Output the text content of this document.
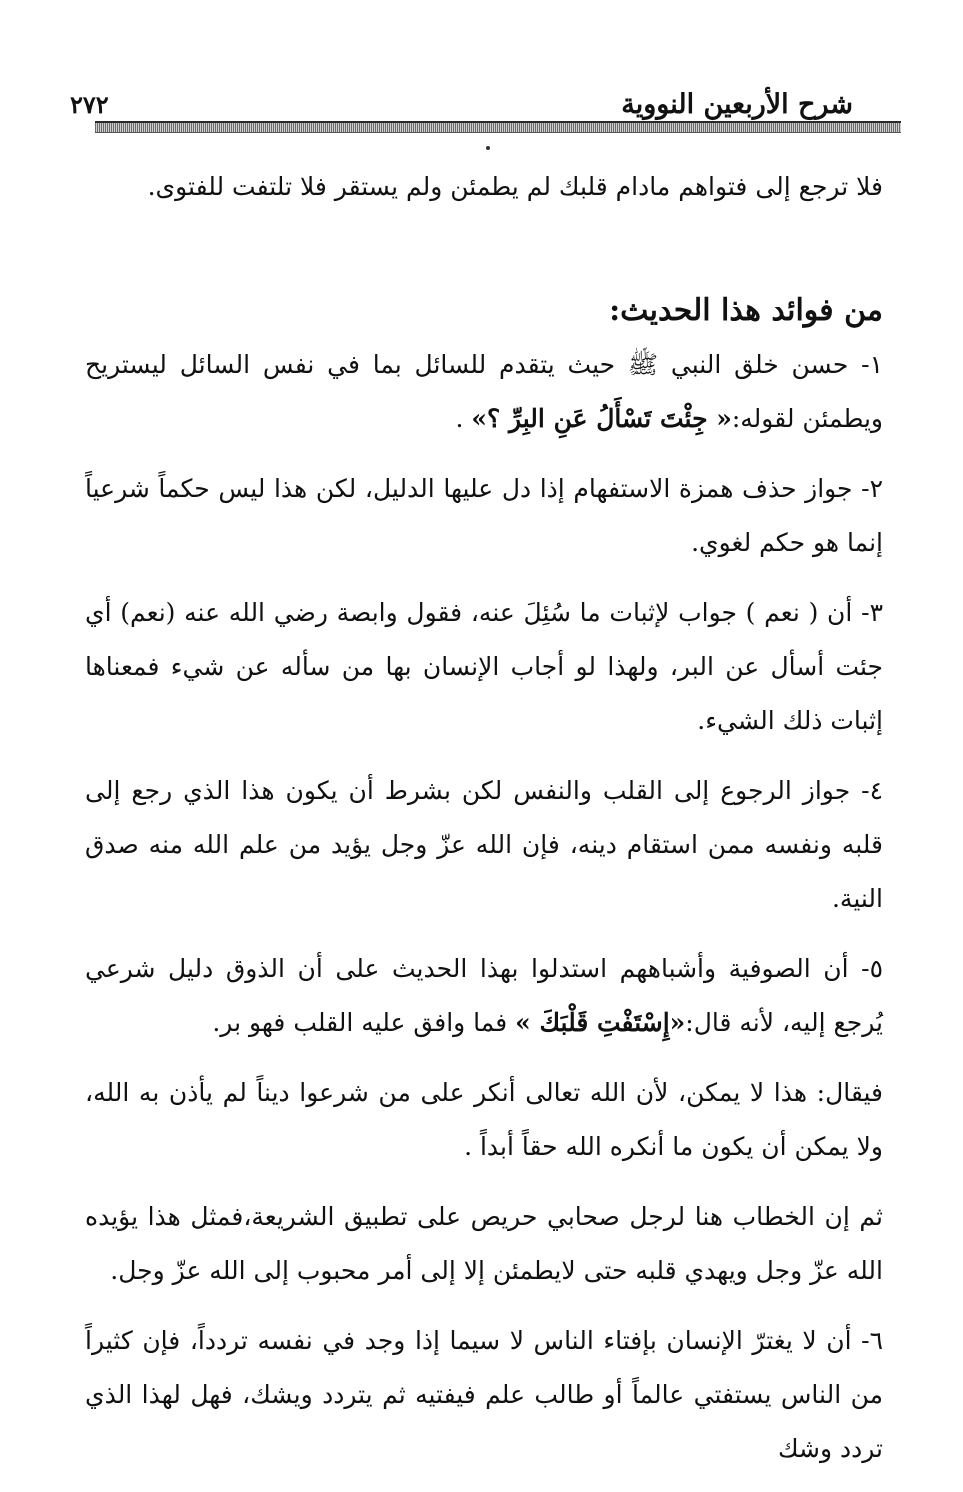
شرح الأربعين النووية
٢٧٢

فلا ترجع إلى فتواهم مادام قلبك لم يطمئن ولم يستقر فلا تلتفت للفتوى.

من فوائد هذا الحديث:

١- حسن خلق النبي ﷺ حيث يتقدم للسائل بما في نفس السائل ليستريح ويطمئن لقوله:« جِئْتَ تَسْأَلُ عَنِ البِرِّ ؟» .

٢- جواز حذف همزة الاستفهام إذا دل عليها الدليل، لكن هذا ليس حكماً شرعياً إنما هو حكم لغوي.

٣- أن ( نعم ) جواب لإثبات ما سُئِلَ عنه، فقول وابصة رضي الله عنه (نعم) أي جئت أسأل عن البر، ولهذا لو أجاب الإنسان بها من سأله عن شيء فمعناها إثبات ذلك الشيء.

٤- جواز الرجوع إلى القلب والنفس لكن بشرط أن يكون هذا الذي رجع إلى قلبه ونفسه ممن استقام دينه، فإن الله عزّ وجل يؤيد من علم الله منه صدق النية.

٥- أن الصوفية وأشباههم استدلوا بهذا الحديث على أن الذوق دليل شرعي يُرجع إليه، لأنه قال:«إِسْتَفْتِ قَلْبَكَ » فما وافق عليه القلب فهو بر.

فيقال: هذا لا يمكن، لأن الله تعالى أنكر على من شرعوا ديناً لم يأذن به الله، ولا يمكن أن يكون ما أنكره الله حقاً أبداً .

ثم إن الخطاب هنا لرجل صحابي حريص على تطبيق الشريعة،فمثل هذا يؤيده الله عزّ وجل ويهدي قلبه حتى لايطمئن إلا إلى أمر محبوب إلى الله عزّ وجل.

٦- أن لا يغترّ الإنسان بإفتاء الناس لا سيما إذا وجد في نفسه تردداً، فإن كثيراً من الناس يستفتي عالماً أو طالب علم فيفتيه ثم يتردد ويشك، فهل لهذا الذي تردد وشك
